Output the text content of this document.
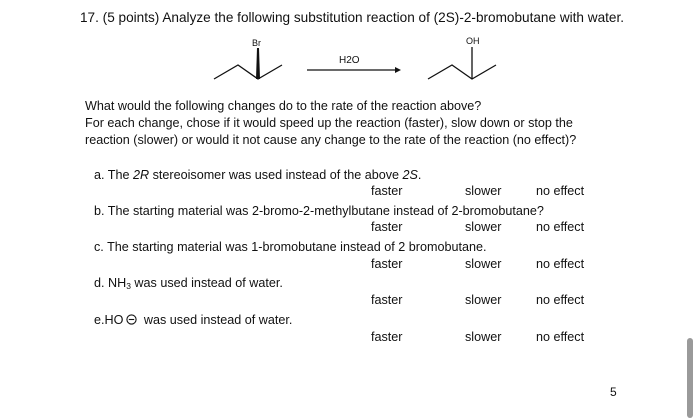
17. (5 points) Analyze the following substitution reaction of (2S)-2-bromobutane with water.
Br
H2O
OH
What would the following changes do to the rate of the reaction above?
For each change, chose if it would speed up the reaction (faster), slow down or stop the
reaction (slower) or would it not cause any change to the rate of the reaction (no effect)?
a. The 2R stereoisomer was used instead of the above 2S.
faster	slower	no effect
b. The starting material was 2-bromo-2-methylbutane instead of 2-bromobutane?
faster	slower	no effect
c. The starting material was 1-bromobutane instead of 2 bromobutane.
faster	slower	no effect
d. $NH_3$ was used instead of water.
faster	slower	no effect
e.HO was used instead of water.
faster	slower	no effect
5
